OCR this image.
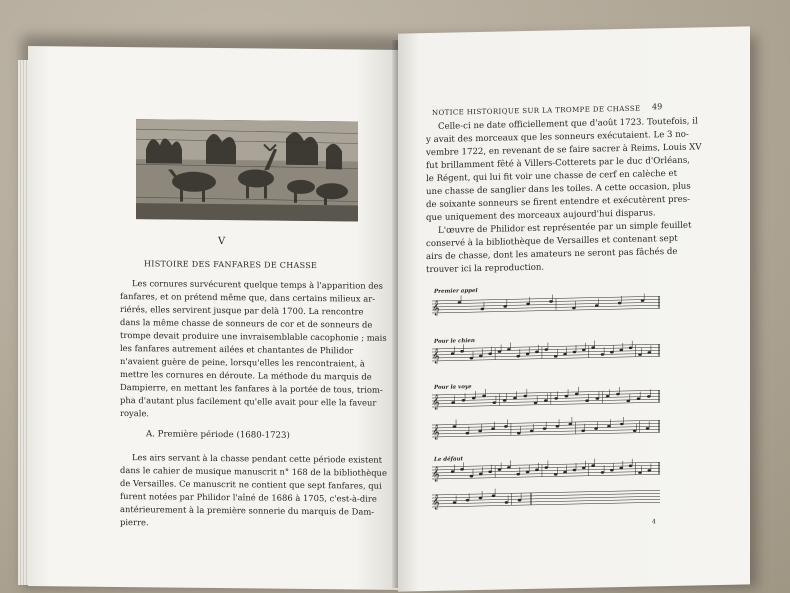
V
HISTOIRE DES FANFARES DE CHASSE
Les cornures survécurent quelque temps à l'apparition des
fanfares, et on prétend même que, dans certains milieux ar-
riérés, elles servirent jusque par delà 1700. La rencontre
dans la même chasse de sonneurs de cor et de sonneurs de
trompe devait produire une invraisemblable cacophonie ; mais
les fanfares autrement ailées et chantantes de Philidor
n'avaient guère de peine, lorsqu'elles les rencontraient, à
mettre les cornures en déroute. La méthode du marquis de
Dampierre, en mettant les fanfares à la portée de tous, triom-
pha d'autant plus facilement qu'elle avait pour elle la faveur
royale.
A. Première période (1680-1723)
Les airs servant à la chasse pendant cette période existent
dans le cahier de musique manuscrit n° 168 de la bibliothèque
de Versailles. Ce manuscrit ne contient que sept fanfares, qui
furent notées par Philidor l'aîné de 1686 à 1705, c'est-à-dire
antérieurement à la première sonnerie du marquis de Dam-
pierre.
NOTICE HISTORIQUE SUR LA TROMPE DE CHASSE 49
Celle-ci ne date officiellement que d'août 1723. Toutefois, il
y avait des morceaux que les sonneurs exécutaient. Le 3 no-
vembre 1722, en revenant de se faire sacrer à Reims, Louis XV
fut brillamment fêté à Villers-Cotterets par le duc d'Orléans,
le Régent, qui lui fit voir une chasse de cerf en calèche et
une chasse de sanglier dans les toiles. A cette occasion, plus
de soixante sonneurs se firent entendre et exécutèrent pres-
que uniquement des morceaux aujourd'hui disparus.
L'œuvre de Philidor est représentée par un simple feuillet
conservé à la bibliothèque de Versailles et contenant sept
airs de chasse, dont les amateurs ne seront pas fâchés de
trouver ici la reproduction.
Premier appel
𝄞
Pour le chien
𝄞
Pour la voye
𝄞
𝄞
Le défaut
𝄞
𝄞
4
